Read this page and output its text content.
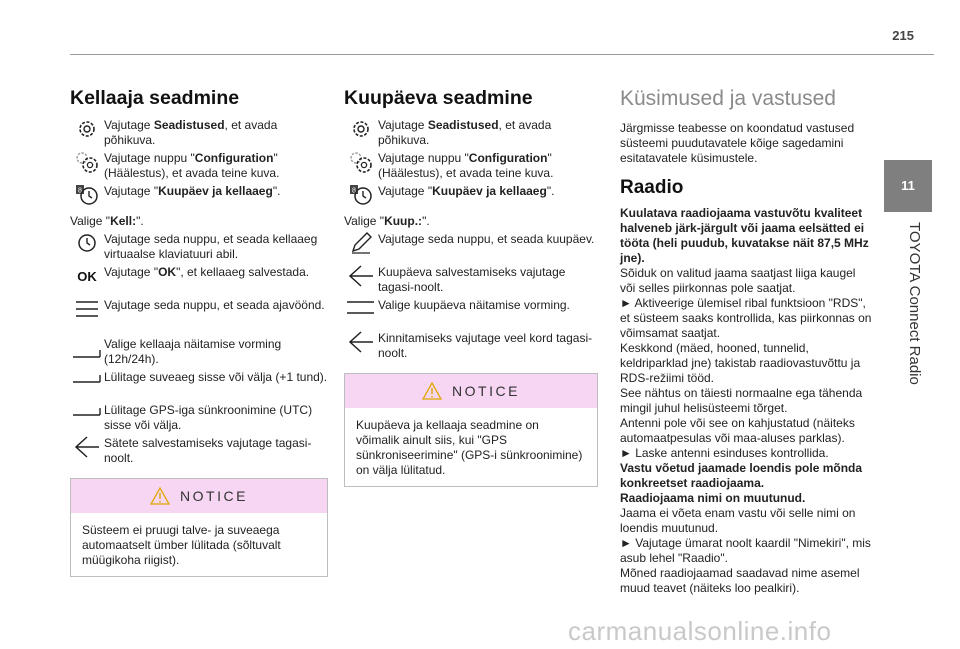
215
11
TOYOTA Connect Radio
Kellaaja seadmine
Vajutage Seadistused, et avada põhikuva.
Vajutage nuppu "Configuration" (Häälestus), et avada teine kuva.
8 Vajutage "Kuupäev ja kellaaeg".
Valige "Kell:".
Vajutage seda nuppu, et seada kellaaeg virtuaalse klaviatuuri abil.
OK Vajutage "OK", et kellaaeg salvestada.
Vajutage seda nuppu, et seada ajavöönd.
Valige kellaaja näitamise vorming (12h/24h).
Lülitage suveaeg sisse või välja (+1 tund).
Lülitage GPS-iga sünkroonimine (UTC) sisse või välja.
Sätete salvestamiseks vajutage tagasi-noolt.
NOTICE
Süsteem ei pruugi talve- ja suveaega automaatselt ümber lülitada (sõltuvalt müügikoha riigist).
Kuupäeva seadmine
Vajutage Seadistused, et avada põhikuva.
Vajutage nuppu "Configuration" (Häälestus), et avada teine kuva.
8 Vajutage "Kuupäev ja kellaaeg".
Valige "Kuup.:".
Vajutage seda nuppu, et seada kuupäev.
Kuupäeva salvestamiseks vajutage tagasi-noolt.
Valige kuupäeva näitamise vorming.
Kinnitamiseks vajutage veel kord tagasi-noolt.
NOTICE
Kuupäeva ja kellaaja seadmine on võimalik ainult siis, kui "GPS sünkroniseerimine" (GPS-i sünkroonimine) on välja lülitatud.
Küsimused ja vastused

Järgmisse teabesse on koondatud vastused süsteemi puudutavatele kõige sagedamini esitatavatele küsimustele.

Raadio

Kuulatava raadiojaama vastuvõtu kvaliteet halveneb järk-järgult või jaama eelsätted ei tööta (heli puudub, kuvatakse näit 87,5 MHz jne).

Sõiduk on valitud jaama saatjast liiga kaugel või selles piirkonnas pole saatjat.

► Aktiveerige ülemisel ribal funktsioon "RDS", et süsteem saaks kontrollida, kas piirkonnas on võimsamat saatjat.

Keskkond (mäed, hooned, tunnelid, keldriparklad jne) takistab raadiovastuvõttu ja RDS-režiimi tööd.

See nähtus on täiesti normaalne ega tähenda mingil juhul helisüsteemi tõrget.

Antenni pole või see on kahjustatud (näiteks automaatpesulas või maa-aluses parklas).

► Laske antenni esinduses kontrollida.

Vastu võetud jaamade loendis pole mõnda konkreetset raadiojaama.

Raadiojaama nimi on muutunud.

Jaama ei võeta enam vastu või selle nimi on loendis muutunud.

► Vajutage ümarat noolt kaardil "Nimekiri", mis asub lehel "Raadio".

Mõned raadiojaamad saadavad nime asemel muud teavet (näiteks loo pealkiri).

carmanualsonline.info
